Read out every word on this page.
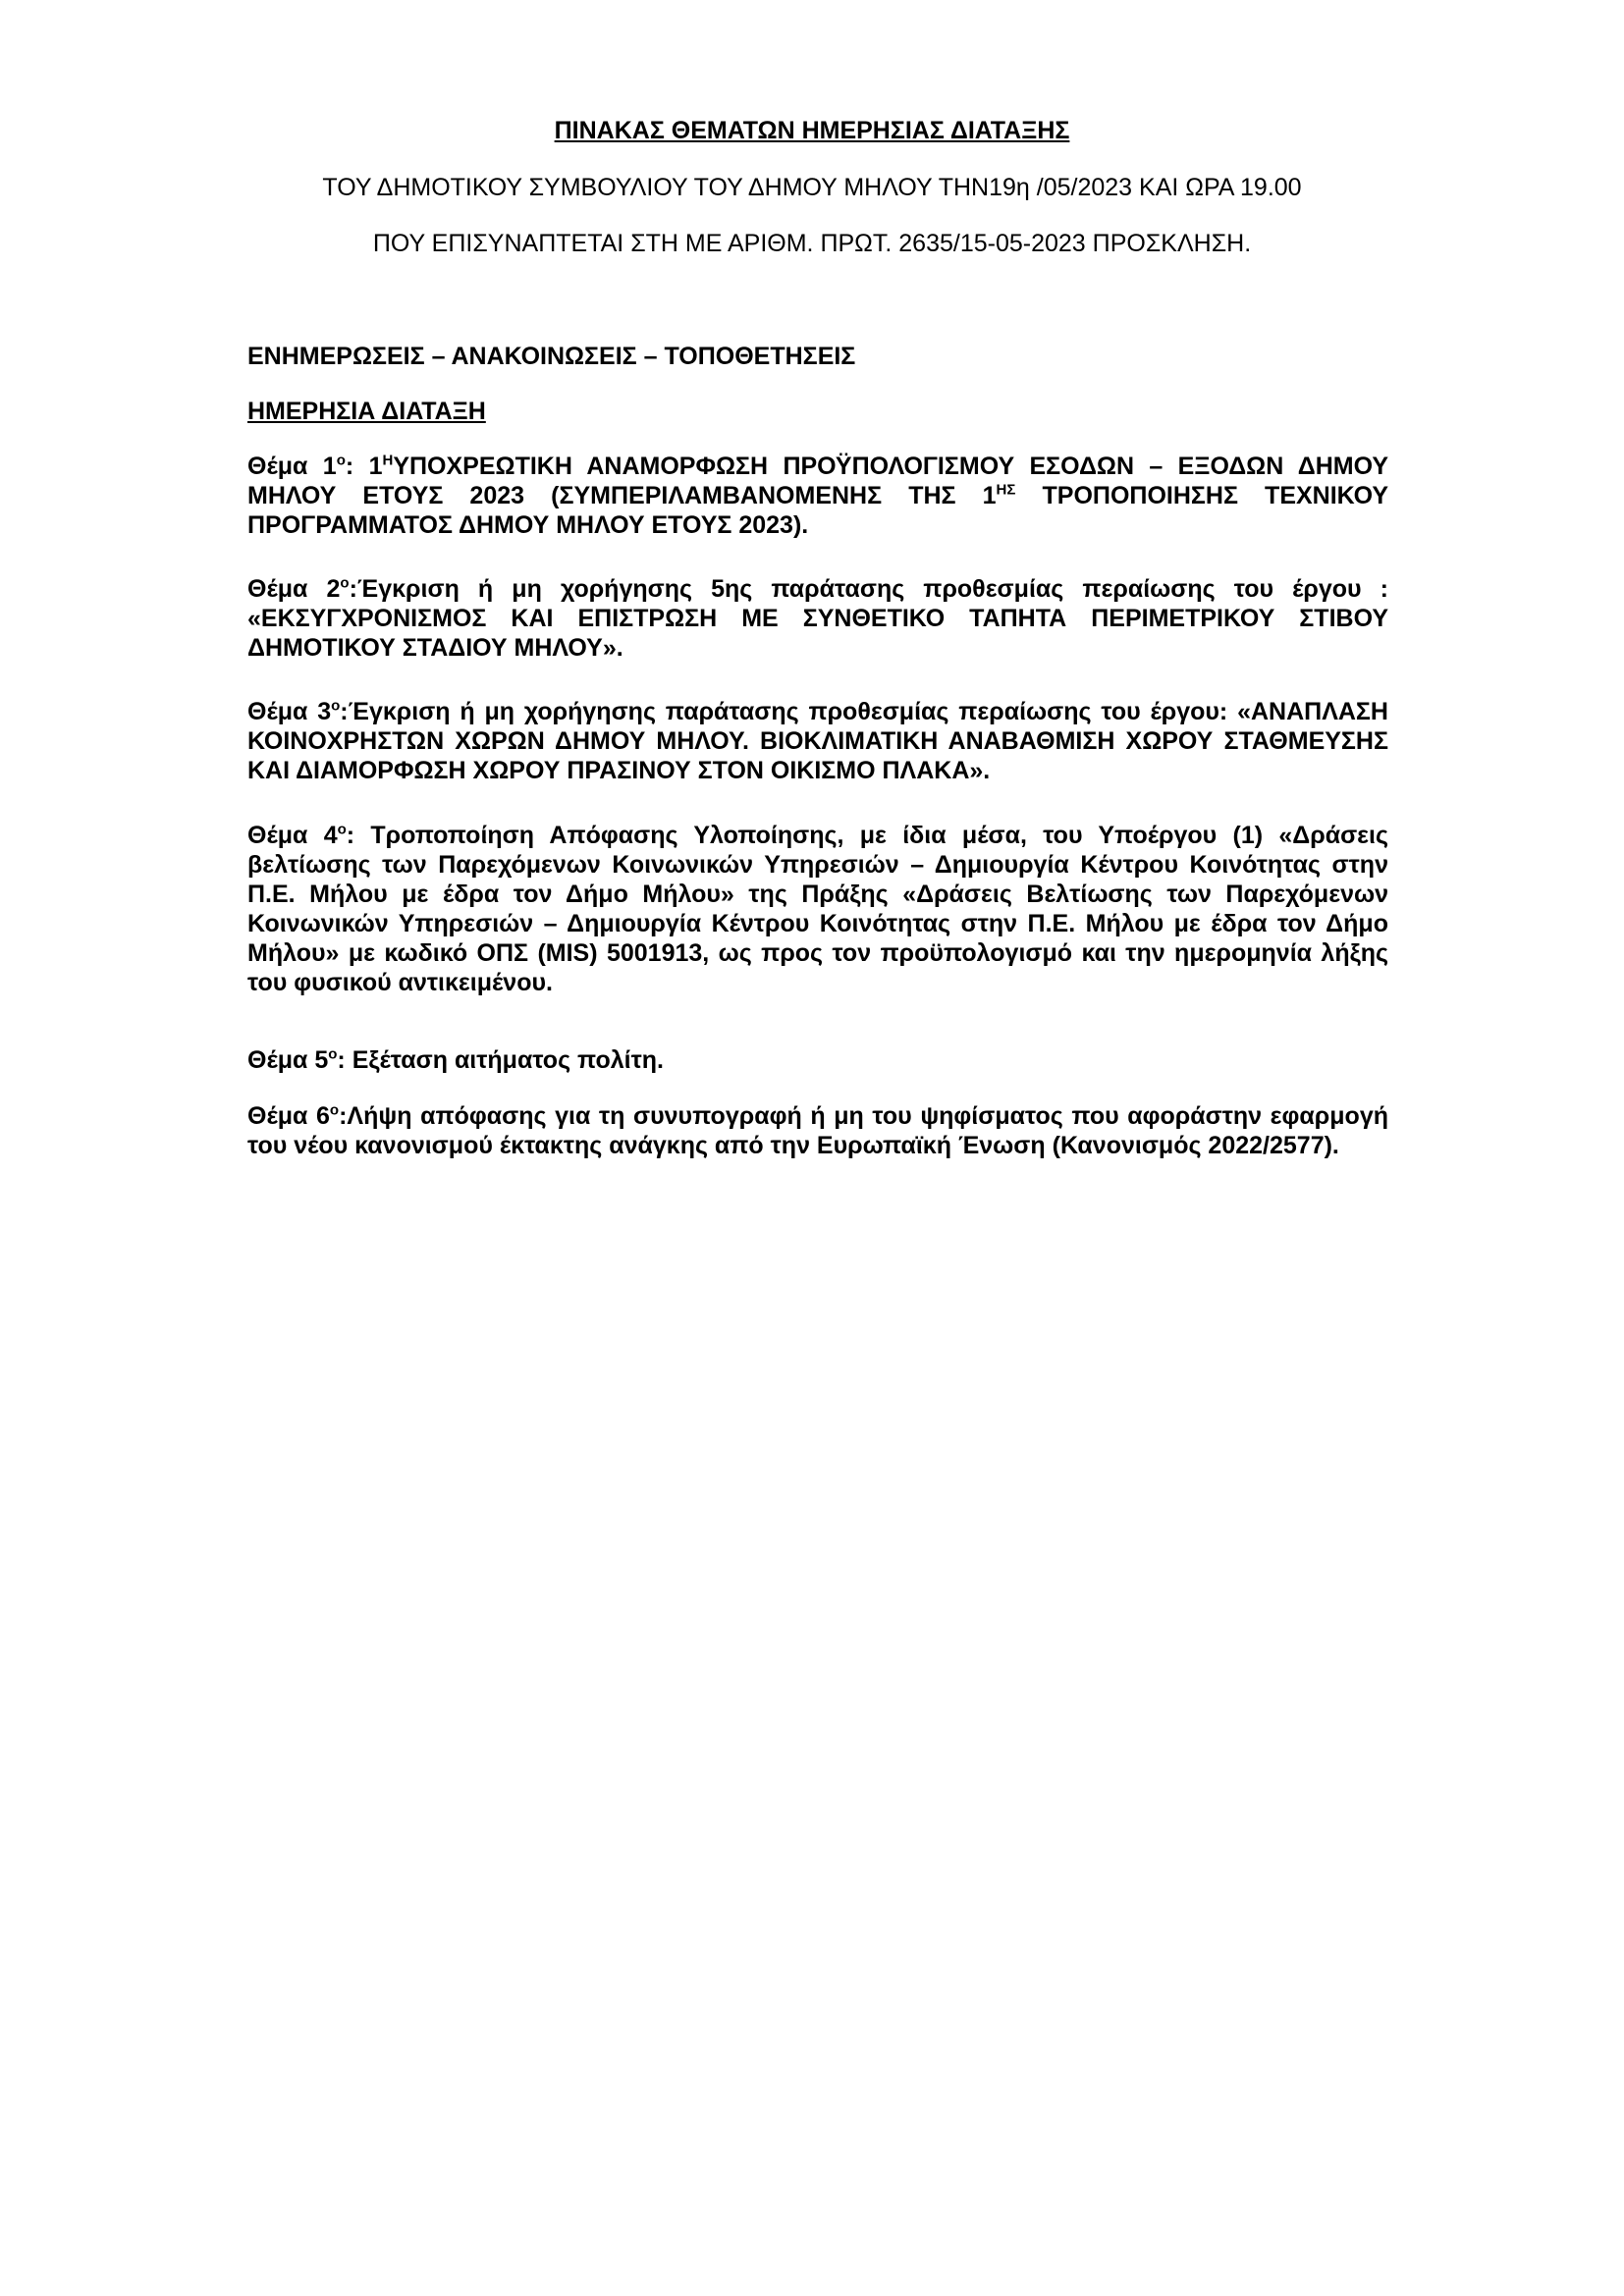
ΠΙΝΑΚΑΣ ΘΕΜΑΤΩΝ ΗΜΕΡΗΣΙΑΣ ΔΙΑΤΑΞΗΣ
ΤΟΥ ΔΗΜΟΤΙΚΟΥ ΣΥΜΒΟΥΛΙΟΥ ΤΟΥ ΔΗΜΟΥ ΜΗΛΟΥ ΤΗΝ19η /05/2023 ΚΑΙ ΩΡΑ 19.00
ΠΟΥ ΕΠΙΣΥΝΑΠΤΕΤΑΙ ΣΤΗ ΜΕ ΑΡΙΘΜ. ΠΡΩΤ. 2635/15-05-2023 ΠΡΟΣΚΛΗΣΗ.
ΕΝΗΜΕΡΩΣΕΙΣ – ΑΝΑΚΟΙΝΩΣΕΙΣ – ΤΟΠΟΘΕΤΗΣΕΙΣ
ΗΜΕΡΗΣΙΑ ΔΙΑΤΑΞΗ
Θέμα $1^o$: $1^H\Upsilon\Pi OXPE\Omega TIKH$ ΑΝΑΜΟΡΦΩΣΗ ΠΡΟΫΠΟΛΟΓΙΣΜΟΥ ΕΣΟΔΩΝ – ΕΞΟΔΩΝ ΔΗΜΟΥ ΜΗΛΟΥ ΕΤΟΥΣ 2023 (ΣΥΜΠΕΡΙΛΑΜΒΑΝΟΜΕΝΗΣ ΤΗΣ $1^{H\Sigma}$ ΤΡΟΠΟΠΟΙΗΣΗΣ ΤΕΧΝΙΚΟΥ ΠΡΟΓΡΑΜΜΑΤΟΣ ΔΗΜΟΥ ΜΗΛΟΥ ΕΤΟΥΣ 2023).
Θέμα $2^o:Έ\gamma\kappa\rho\iota\sigma\eta$ ή μη χορήγησης 5ης παράτασης προθεσμίας περαίωσης του έργου : «ΕΚΣΥΓΧΡΟΝΙΣΜΟΣ ΚΑΙ ΕΠΙΣΤΡΩΣΗ ΜΕ ΣΥΝΘΕΤΙΚΟ ΤΑΠΗΤΑ ΠΕΡΙΜΕΤΡΙΚΟΥ ΣΤΙΒΟΥ ΔΗΜΟΤΙΚΟΥ ΣΤΑΔΙΟΥ ΜΗΛΟΥ».
Θέμα $3^o:Έ\gamma\kappa\rho\iota\sigma\eta$ ή μη χορήγησης παράτασης προθεσμίας περαίωσης του έργου: «ΑΝΑΠΛΑΣΗ ΚΟΙΝΟΧΡΗΣΤΩΝ ΧΩΡΩΝ ΔΗΜΟΥ ΜΗΛΟΥ. ΒΙΟΚΛΙΜΑΤΙΚΗ ΑΝΑΒΑΘΜΙΣΗ ΧΩΡΟΥ ΣΤΑΘΜΕΥΣΗΣ ΚΑΙ ΔΙΑΜΟΡΦΩΣΗ ΧΩΡΟΥ ΠΡΑΣΙΝΟΥ ΣΤΟΝ ΟΙΚΙΣΜΟ ΠΛΑΚΑ».
Θέμα $4^o$: Τροποποίηση Απόφασης Υλοποίησης, με ίδια μέσα, του Υποέργου (1) «Δράσεις βελτίωσης των Παρεχόμενων Κοινωνικών Υπηρεσιών – Δημιουργία Κέντρου Κοινότητας στην Π.Ε. Μήλου με έδρα τον Δήμο Μήλου» της Πράξης «Δράσεις Βελτίωσης των Παρεχόμενων Κοινωνικών Υπηρεσιών – Δημιουργία Κέντρου Κοινότητας στην Π.Ε. Μήλου με έδρα τον Δήμο Μήλου» με κωδικό ΟΠΣ (MIS) 5001913, ως προς τον προϋπολογισμό και την ημερομηνία λήξης του φυσικού αντικειμένου.
Θέμα $5^o$: Εξέταση αιτήματος πολίτη.
Θέμα $6^o:\Lambda ή\psi\eta$ απόφασης για τη συνυπογραφή ή μη του ψηφίσματος που αφοράστην εφαρμογή του νέου κανονισμού έκτακτης ανάγκης από την Ευρωπαϊκή Ένωση (Κανονισμός 2022/2577).
